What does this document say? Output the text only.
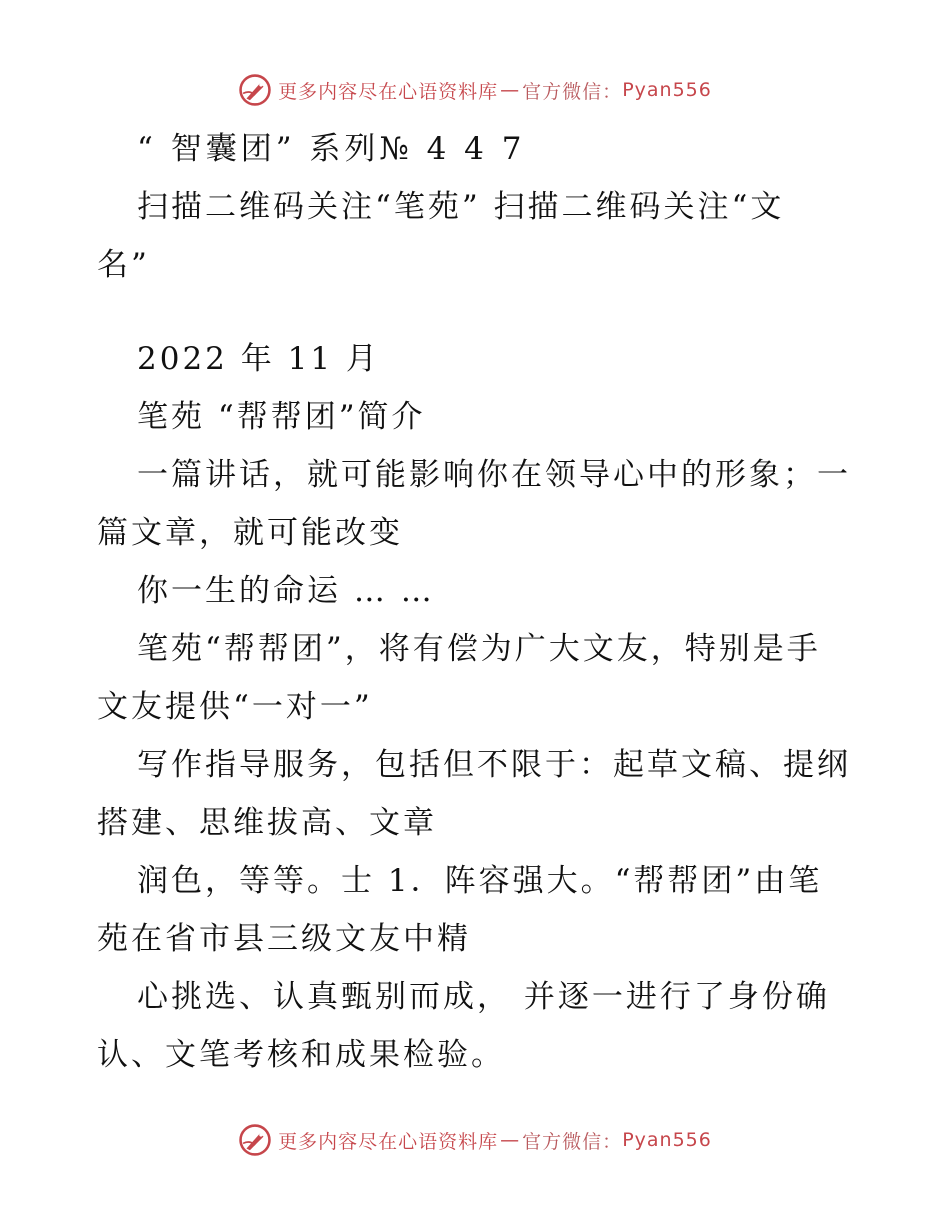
更多内容尽在心语资料库 — 官方微信： Pyan556
“ 智囊团” 系列№ 4 4 7
扫描二维码关注“笔苑” 扫描二维码关注“文
名”
2022 年 11 月
笔苑 “帮帮团”简介
一篇讲话，就可能影响你在领导心中的形象；一
篇文章，就可能改变
你一生的命运 … …
笔苑“帮帮团”，将有偿为广大文友，特别是手
文友提供“一对一”
写作指导服务，包括但不限于：起草文稿、提纲
搭建、思维拔高、文章
润色，等等。士 1．阵容强大。“帮帮团”由笔
苑在省市县三级文友中精
心挑选、认真甄别而成， 并逐一进行了身份确
认、文笔考核和成果检验。
更多内容尽在心语资料库 — 官方微信： Pyan556
